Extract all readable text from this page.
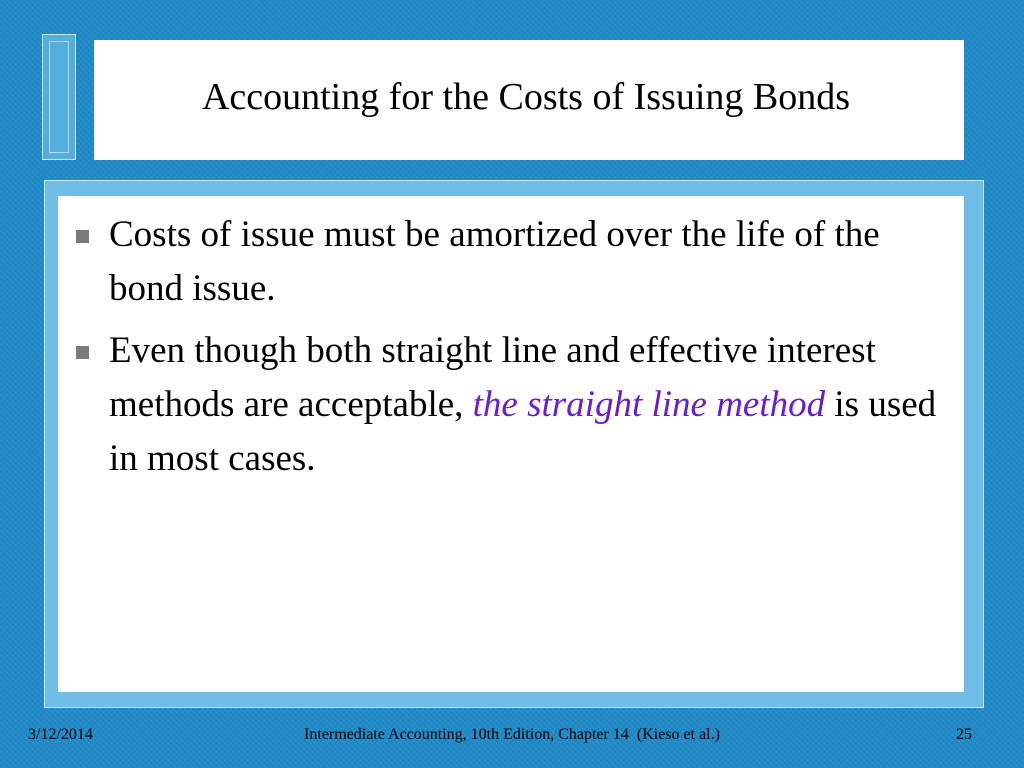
Accounting for the Costs of Issuing Bonds
Costs of issue must be amortized over the life of the bond issue.
Even though both straight line and effective interest methods are acceptable, the straight line method is used in most cases.
3/12/2014	Intermediate Accounting, 10th Edition, Chapter 14  (Kieso et al.)	25
